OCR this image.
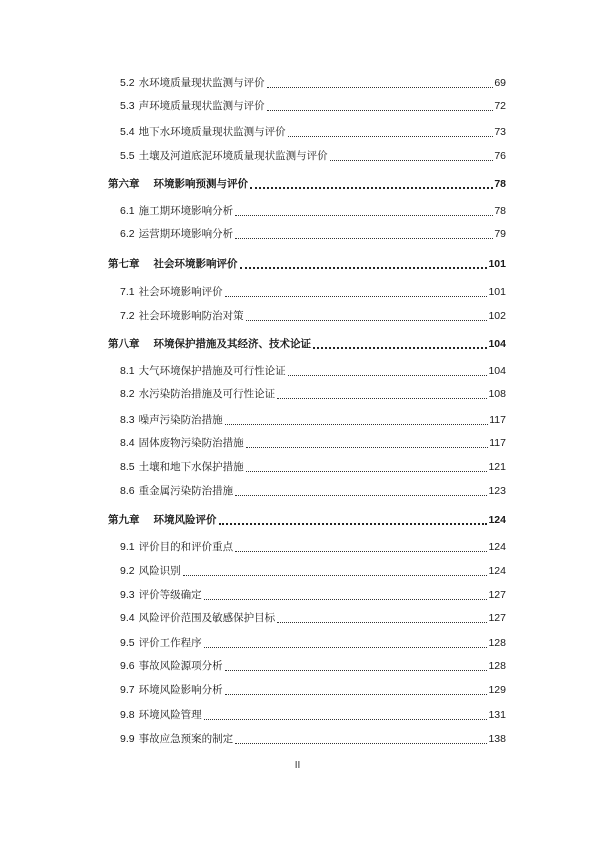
5.2 水环境质量现状监测与评价	69
5.3 声环境质量现状监测与评价	72
5.4 地下水环境质量现状监测与评价	73
5.5 土壤及河道底泥环境质量现状监测与评价	76
第六章 环境影响预测与评价	78
6.1 施工期环境影响分析	78
6.2 运营期环境影响分析	79
第七章 社会环境影响评价	101
7.1 社会环境影响评价	101
7.2 社会环境影响防治对策	102
第八章 环境保护措施及其经济、技术论证	104
8.1 大气环境保护措施及可行性论证	104
8.2 水污染防治措施及可行性论证	108
8.3 噪声污染防治措施	117
8.4 固体废物污染防治措施	117
8.5 土壤和地下水保护措施	121
8.6 重金属污染防治措施	123
第九章 环境风险评价	124
9.1 评价目的和评价重点	124
9.2 风险识别	124
9.3 评价等级确定	127
9.4 风险评价范围及敏感保护目标	127
9.5 评价工作程序	128
9.6 事故风险源项分析	128
9.7 环境风险影响分析	129
9.8 环境风险管理	131
9.9 事故应急预案的制定	138
II
